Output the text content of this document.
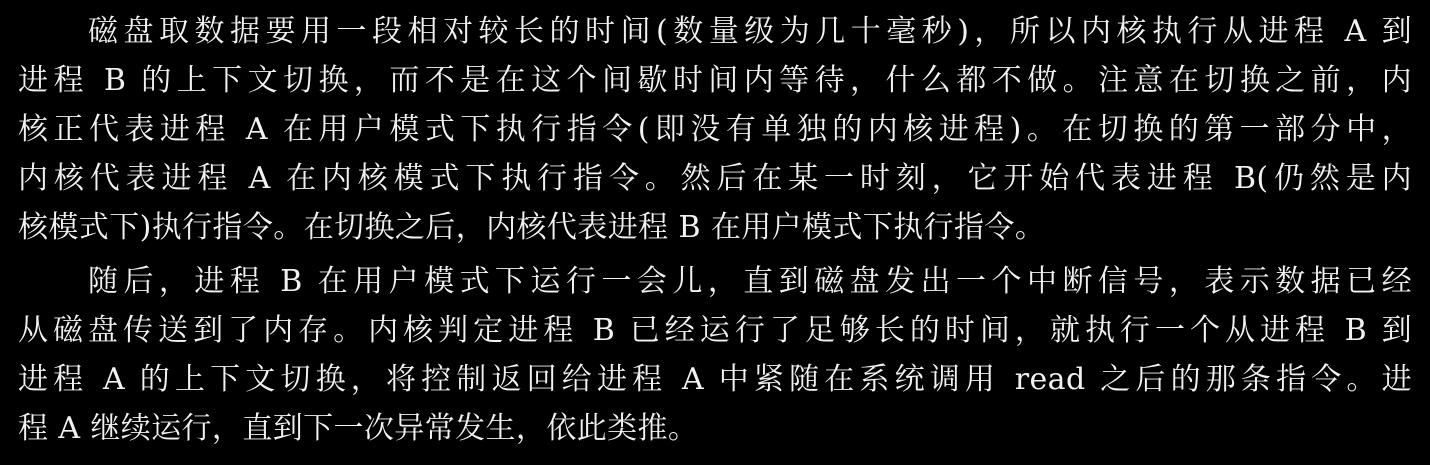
磁盘取数据要用一段相对较长的时间(数量级为几十毫秒)，所以内核执行从进程 A 到
进程 B 的上下文切换，而不是在这个间歇时间内等待，什么都不做。注意在切换之前，内
核正代表进程 A 在用户模式下执行指令(即没有单独的内核进程)。在切换的第一部分中，
内核代表进程 A 在内核模式下执行指令。然后在某一时刻，它开始代表进程 B(仍然是内
核模式下)执行指令。在切换之后，内核代表进程 B 在用户模式下执行指令。
随后，进程 B 在用户模式下运行一会儿，直到磁盘发出一个中断信号，表示数据已经
从磁盘传送到了内存。内核判定进程 B 已经运行了足够长的时间，就执行一个从进程 B 到
进程 A 的上下文切换，将控制返回给进程 A 中紧随在系统调用 read 之后的那条指令。进
程 A 继续运行，直到下一次异常发生，依此类推。
